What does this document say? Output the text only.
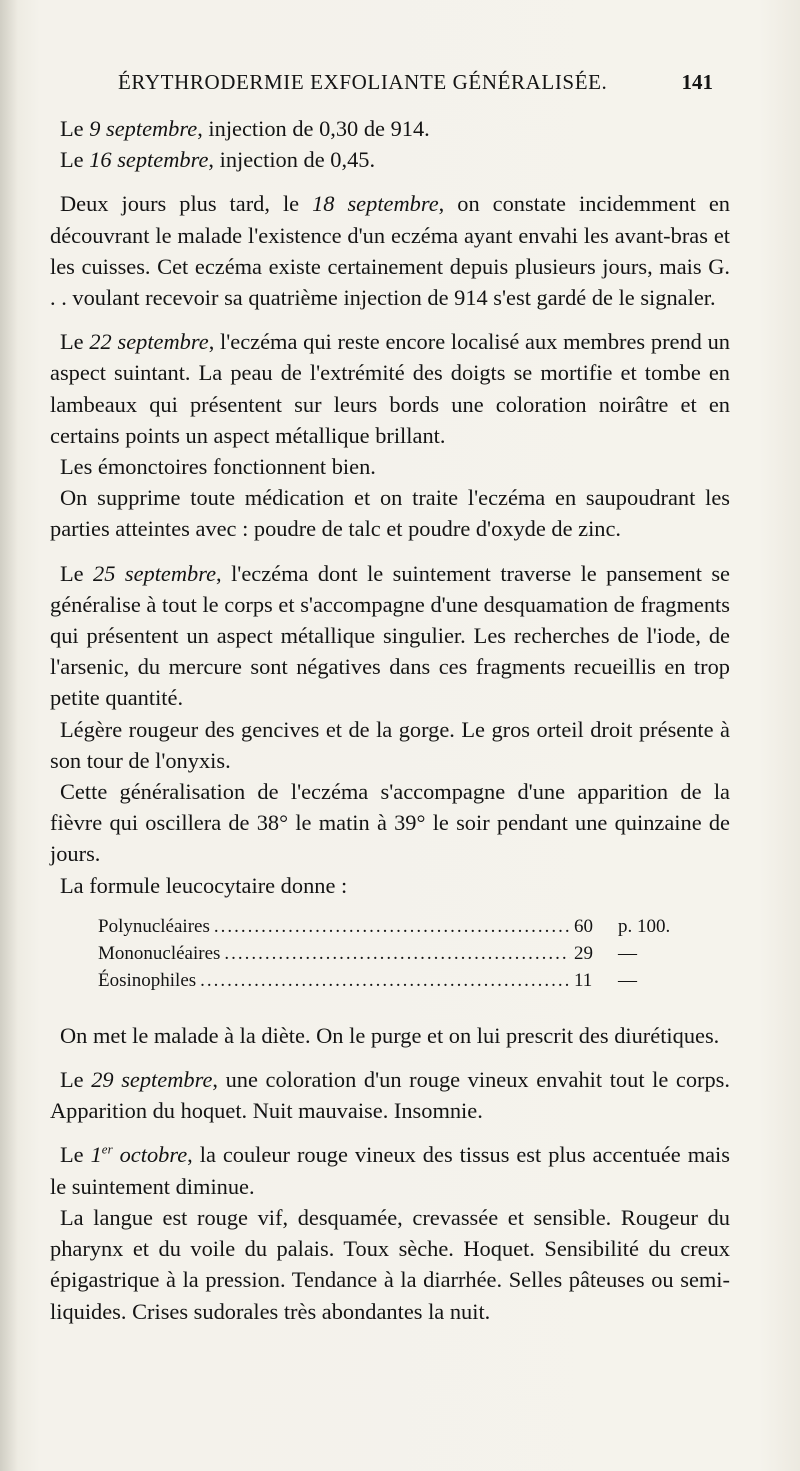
ÉRYTHRODERMIE EXFOLIANTE GÉNÉRALISÉE.	141

Le 9 septembre, injection de 0,30 de 914.

Le 16 septembre, injection de 0,45.

Deux jours plus tard, le 18 septembre, on constate incidemment en découvrant le malade l'existence d'un eczéma ayant envahi les avant-bras et les cuisses. Cet eczéma existe certainement depuis plusieurs jours, mais G. . . voulant recevoir sa quatrième injection de 914 s'est gardé de le signaler.

Le 22 septembre, l'eczéma qui reste encore localisé aux membres prend un aspect suintant. La peau de l'extrémité des doigts se mortifie et tombe en lambeaux qui présentent sur leurs bords une coloration noirâtre et en certains points un aspect métallique brillant.

Les émonctoires fonctionnent bien.

On supprime toute médication et on traite l'eczéma en saupoudrant les parties atteintes avec : poudre de talc et poudre d'oxyde de zinc.

Le 25 septembre, l'eczéma dont le suintement traverse le pansement se généralise à tout le corps et s'accompagne d'une desquamation de fragments qui présentent un aspect métallique singulier. Les recherches de l'iode, de l'arsenic, du mercure sont négatives dans ces fragments recueillis en trop petite quantité.

Légère rougeur des gencives et de la gorge. Le gros orteil droit présente à son tour de l'onyxis.

Cette généralisation de l'eczéma s'accompagne d'une apparition de la fièvre qui oscillera de 38° le matin à 39° le soir pendant une quinzaine de jours.

La formule leucocytaire donne :

Polynucléaires .....	60	p. 100.
Mononucléaires .....	29	—
Éosinophiles .....	11	—

On met le malade à la diète. On le purge et on lui prescrit des diurétiques.

Le 29 septembre, une coloration d'un rouge vineux envahit tout le corps. Apparition du hoquet. Nuit mauvaise. Insomnie.

Le 1er octobre, la couleur rouge vineux des tissus est plus accentuée mais le suintement diminue.

La langue est rouge vif, desquamée, crevassée et sensible. Rougeur du pharynx et du voile du palais. Toux sèche. Hoquet. Sensibilité du creux épigastrique à la pression. Tendance à la diarrhée. Selles pâteuses ou semi-liquides. Crises sudorales très abondantes la nuit.
